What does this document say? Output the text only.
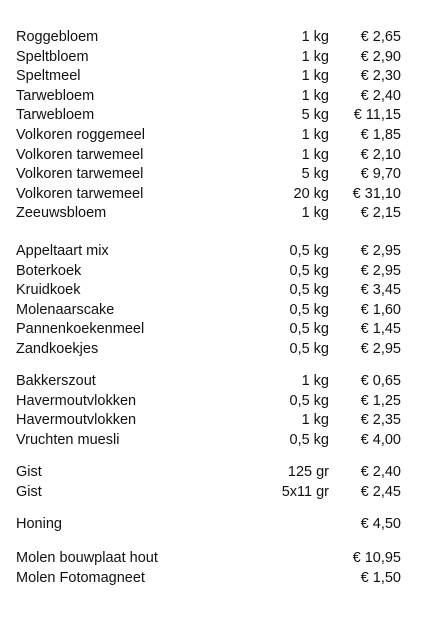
Roggebloem	1 kg € 2,65
Speltbloem	1 kg € 2,90
Speltmeel	1 kg € 2,30
Tarwebloem	1 kg € 2,40
Tarwebloem	5 kg € 11,15
Volkoren roggemeel	1 kg € 1,85
Volkoren tarwemeel	1 kg € 2,10
Volkoren tarwemeel	5 kg € 9,70
Volkoren tarwemeel	20 kg € 31,10
Zeeuwsbloem	1 kg € 2,15
Appeltaart mix	0,5 kg € 2,95
Boterkoek	0,5 kg € 2,95
Kruidkoek	0,5 kg € 3,45
Molenaarscake	0,5 kg € 1,60
Pannenkoekenmeel	0,5 kg € 1,45
Zandkoekjes	0,5 kg € 2,95
Bakkerszout	1 kg € 0,65
Havermoutvlokken	0,5 kg € 1,25
Havermoutvlokken	1 kg € 2,35
Vruchten muesli	0,5 kg € 4,00
Gist	125 gr € 2,40
Gist	5x11 gr € 2,45
Honing	€ 4,50
Molen bouwplaat hout	€ 10,95
Molen Fotomagneet	€ 1,50
